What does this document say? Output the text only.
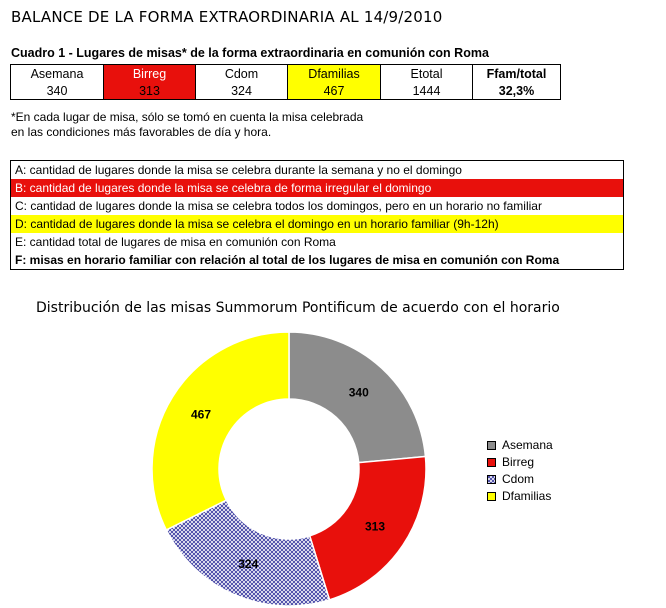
BALANCE DE LA FORMA EXTRAORDINARIA AL 14/9/2010
Cuadro 1 - Lugares de misas* de la forma extraordinaria en comunión con Roma
Asemana	Birreg	Cdom	Dfamilias	Etotal	Ffam/total
340	313	324	467	1444	32,3%
*En cada lugar de misa, sólo se tomó en cuenta la misa celebrada
en las condiciones más favorables de día y hora.
A: cantidad de lugares donde la misa se celebra durante la semana y no el domingo
B: cantidad de lugares donde la misa se celebra de forma irregular el domingo
C: cantidad de lugares donde la misa se celebra todos los domingos, pero en un horario no familiar
D: cantidad de lugares donde la misa se celebra el domingo en un horario familiar (9h-12h)
E: cantidad total de lugares de misa en comunión con Roma
F: misas en horario familiar con relación al total de los lugares de misa en comunión con Roma
Distribución de las misas Summorum Pontificum de acuerdo con el horario
340
313
324
467
Asemana
Birreg
Cdom
Dfamilias
